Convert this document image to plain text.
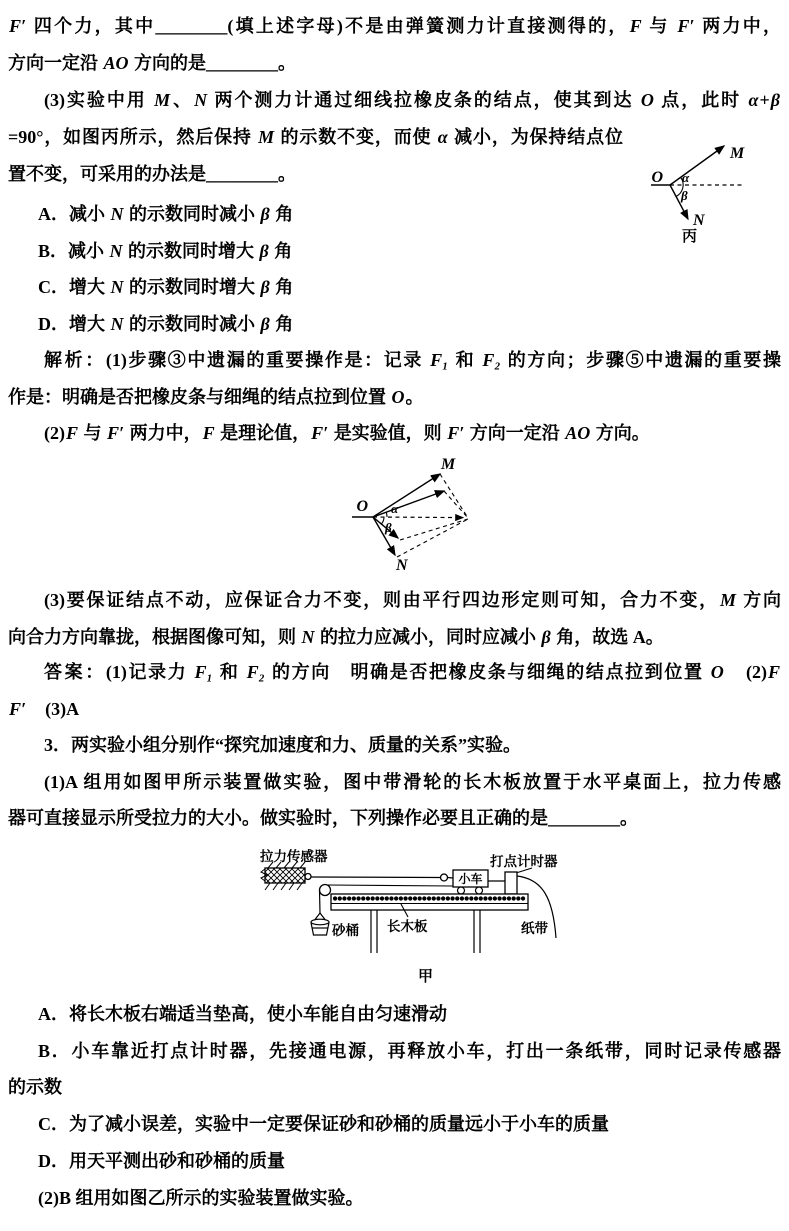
F′ 四个力，其中________(填上述字母)不是由弹簧测力计直接测得的，F 与 F′ 两力中，
方向一定沿 AO 方向的是________。
(3)实验中用 M、N 两个测力计通过细线拉橡皮条的结点，使其到达 O 点，此时 α+β
=90°，如图丙所示，然后保持 M 的示数不变，而使 α 减小，为保持结点位
置不变，可采用的办法是________。
A．减小 N 的示数同时减小 β 角
B．减小 N 的示数同时增大 β 角
C．增大 N 的示数同时增大 β 角
D．增大 N 的示数同时减小 β 角
解析：(1)步骤③中遗漏的重要操作是：记录 F₁ 和 F₂ 的方向；步骤⑤中遗漏的重要操
作是：明确是否把橡皮条与细绳的结点拉到位置 O。
(2)F 与 F′ 两力中，F 是理论值，F′ 是实验值，则 F′ 方向一定沿 AO 方向。
(3)要保证结点不动，应保证合力不变，则由平行四边形定则可知，合力不变，M 方向
向合力方向靠拢，根据图像可知，则 N 的拉力应减小，同时应减小 β 角，故选 A。
答案：(1)记录力 F₁ 和 F₂ 的方向　明确是否把橡皮条与细绳的结点拉到位置 O　(2)F
F′　(3)A
3．两实验小组分别作“探究加速度和力、质量的关系”实验。
(1)A 组用如图甲所示装置做实验，图中带滑轮的长木板放置于水平桌面上，拉力传感
器可直接显示所受拉力的大小。做实验时，下列操作必要且正确的是________。
A．将长木板右端适当垫高，使小车能自由匀速滑动
B．小车靠近打点计时器，先接通电源，再释放小车，打出一条纸带，同时记录传感器
的示数
C．为了减小误差，实验中一定要保证砂和砂桶的质量远小于小车的质量
D．用天平测出砂和砂桶的质量
(2)B 组用如图乙所示的实验装置做实验。
O
M
N
α
β
丙
O
M
N
α
β
拉力传感器
小车
打点计时器
纸带
砂桶 长木板
甲
